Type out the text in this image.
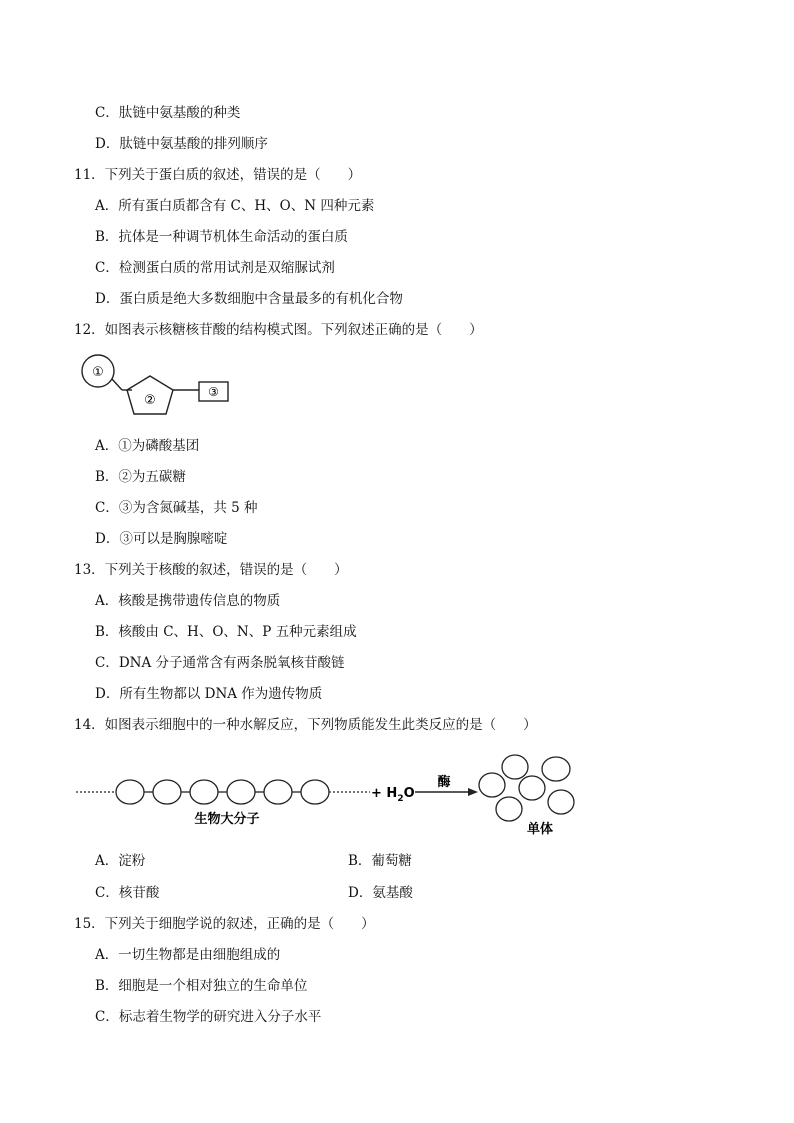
C．肽链中氨基酸的种类
D．肽链中氨基酸的排列顺序
11．下列关于蛋白质的叙述，错误的是（　　）
A．所有蛋白质都含有 C、H、O、N 四种元素
B．抗体是一种调节机体生命活动的蛋白质
C．检测蛋白质的常用试剂是双缩脲试剂
D．蛋白质是绝大多数细胞中含量最多的有机化合物
12．如图表示核糖核苷酸的结构模式图。下列叙述正确的是（　　）
①
②
③
A．①为磷酸基团
B．②为五碳糖
C．③为含氮碱基，共 5 种
D．③可以是胸腺嘧啶
13．下列关于核酸的叙述，错误的是（　　）
A．核酸是携带遗传信息的物质
B．核酸由 C、H、O、N、P 五种元素组成
C．DNA 分子通常含有两条脱氧核苷酸链
D．所有生物都以 DNA 作为遗传物质
14．如图表示细胞中的一种水解反应，下列物质能发生此类反应的是（　　）
+ $H_2O$
酶
生物大分子
单体
A．淀粉	B．葡萄糖
C．核苷酸	D．氨基酸
15．下列关于细胞学说的叙述，正确的是（　　）
A．一切生物都是由细胞组成的
B．细胞是一个相对独立的生命单位
C．标志着生物学的研究进入分子水平
